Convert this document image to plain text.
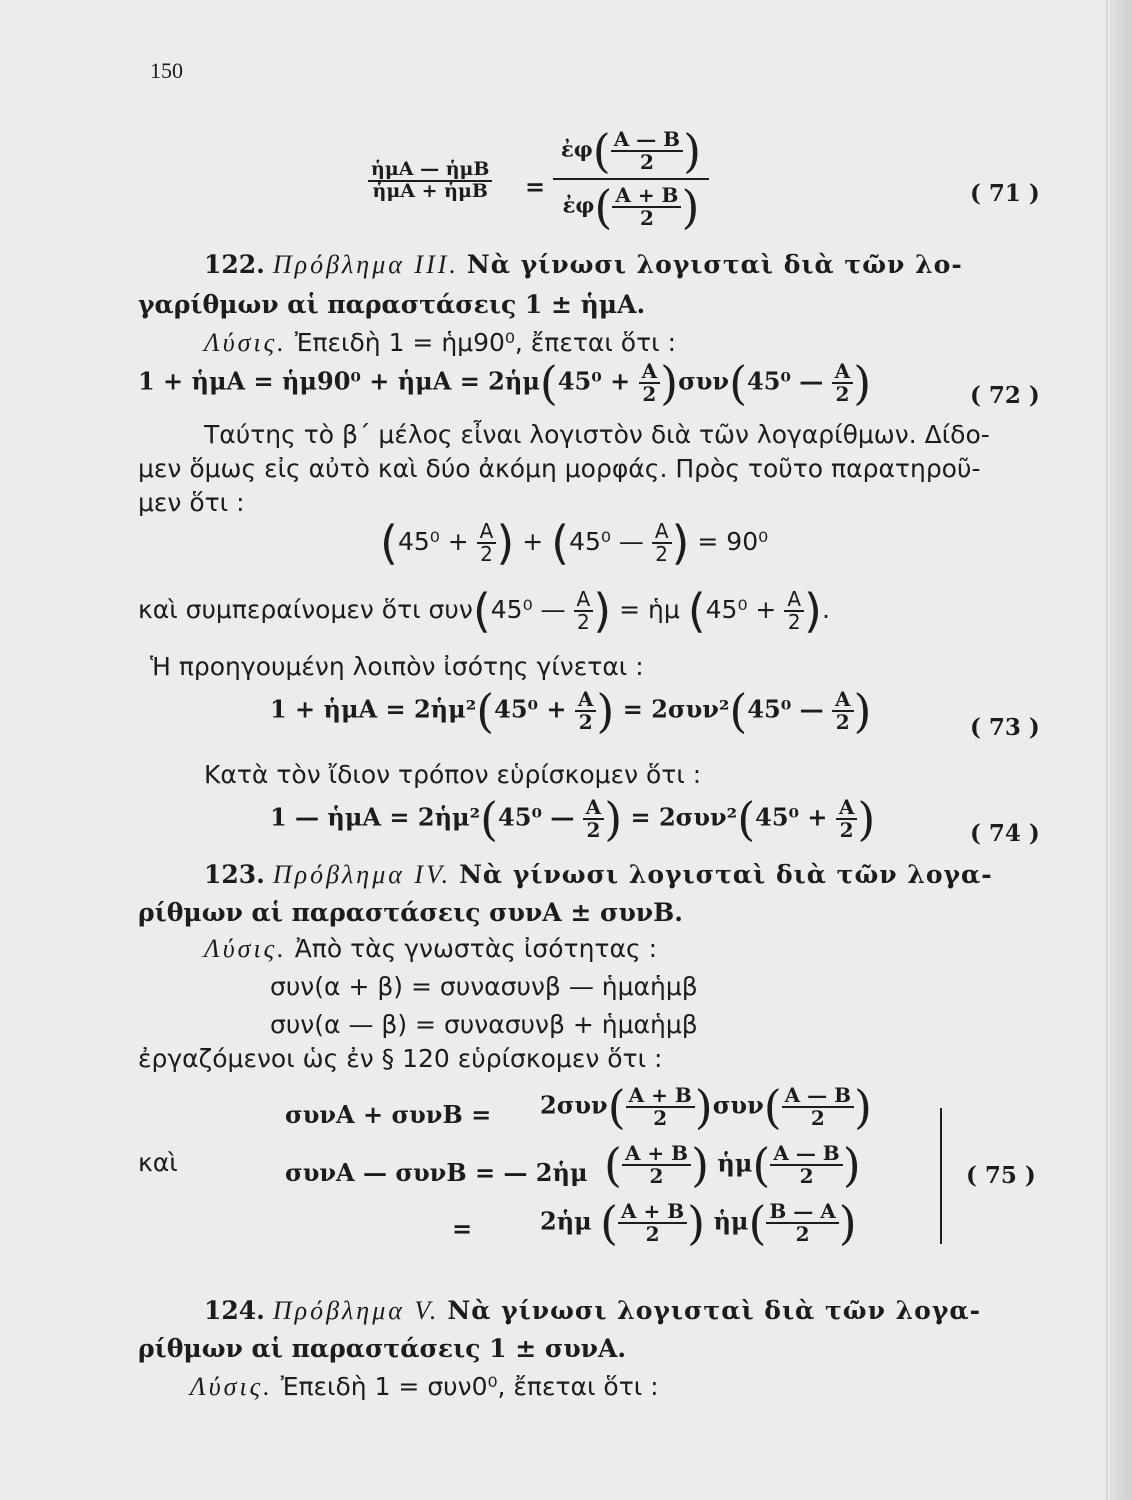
150
$\frac{\text{ἡμA — ἡμB}}{\text{ἡμA + ἡμB}} = \frac{ἐ\varphi( \frac{A — B}{2} )}{ἐ\varphi( \frac{A + B}{2} )}$	( 71 )
122. Πρόβλημα III. Νὰ γίνωσι λογισταὶ διὰ τῶν λο-
γαρίθμων αἱ παραστάσεις 1 ± ἡμA.
Λύσις. Ἐπειδὴ 1 = ἡμ90⁰, ἔπεται ὅτι :
1 + ἡμA = ἡμ90⁰ + ἡμA = 2ἡμ(45⁰ + $\frac{A}{2} )\sigma\upsilon\nu(45^0$ — $\frac{A}{2}$ )	( 72 )
Ταύτης τὸ β΄ μέλος εἶναι λογιστὸν διὰ τῶν λογαρίθμων. Δίδο-
μεν ὅμως εἰς αὐτὸ καὶ δύο ἀκόμη μορφάς. Πρὸς τοῦτο παρατηροῦ-
μεν ὅτι :
($45^0 + \frac{A}{2}$ ) + (45⁰ — $\frac{A}{2}$ ) = 90⁰
καὶ συμπεραίνομεν ὅτι συν(45⁰ — $\frac{A}{2}$ ) = ἡμ ($45^0 + \frac{A}{2}$ ).
Ἡ προηγουμένη λοιπὸν ἰσότης γίνεται :
1 + ἡμA = 2ἡμ²(45⁰ + $\frac{A}{2}$ ) = 2συν²(45⁰ — $\frac{A}{2}$ )	( 73 )
Κατὰ τὸν ἴδιον τρόπον εὑρίσκομεν ὅτι :
1 — ἡμA = 2ἡμ²(45⁰ — $\frac{A}{2}$ ) = $2\sigma\upsilon\nu^2(45^0 + \frac{A}{2}$ )	( 74 )
123. Πρόβλημα IV. Νὰ γίνωσι λογισταὶ διὰ τῶν λογα-
ρίθμων αἱ παραστάσεις συνA ± συνB.
Λύσις. Ἀπὸ τὰς γνωστὰς ἰσότητας :
συν(α + β) = συνασυνβ — ἡμαἡμβ
συν(α — β) = συνασυνβ + ἡμαἡμβ
ἐργαζόμενοι ὡς ἐν § 120 εὑρίσκομεν ὅτι :
καὶ
$\sigma\upsilon\nu A + \sigma\upsilon\nu B = 2\sigma\upsilon\nu( \frac{A + B}{2} )\sigma\upsilon\nu( \frac{A — B}{2}$ )
συνA — συνB = — 2ἡμ ( $\frac{A + B}{2}$ ) ἡμ( $\frac{A — B}{2}$ )
=	2ἡμ ( $\frac{A + B}{2}$ ) ἡμ( $\frac{B — A}{2}$ )
( 75 )
124. Πρόβλημα V. Νὰ γίνωσι λογισταὶ διὰ τῶν λογα-
ρίθμων αἱ παραστάσεις 1 ± συνA.
Λύσις. Ἐπειδὴ 1 = συν0⁰, ἔπεται ὅτι :
